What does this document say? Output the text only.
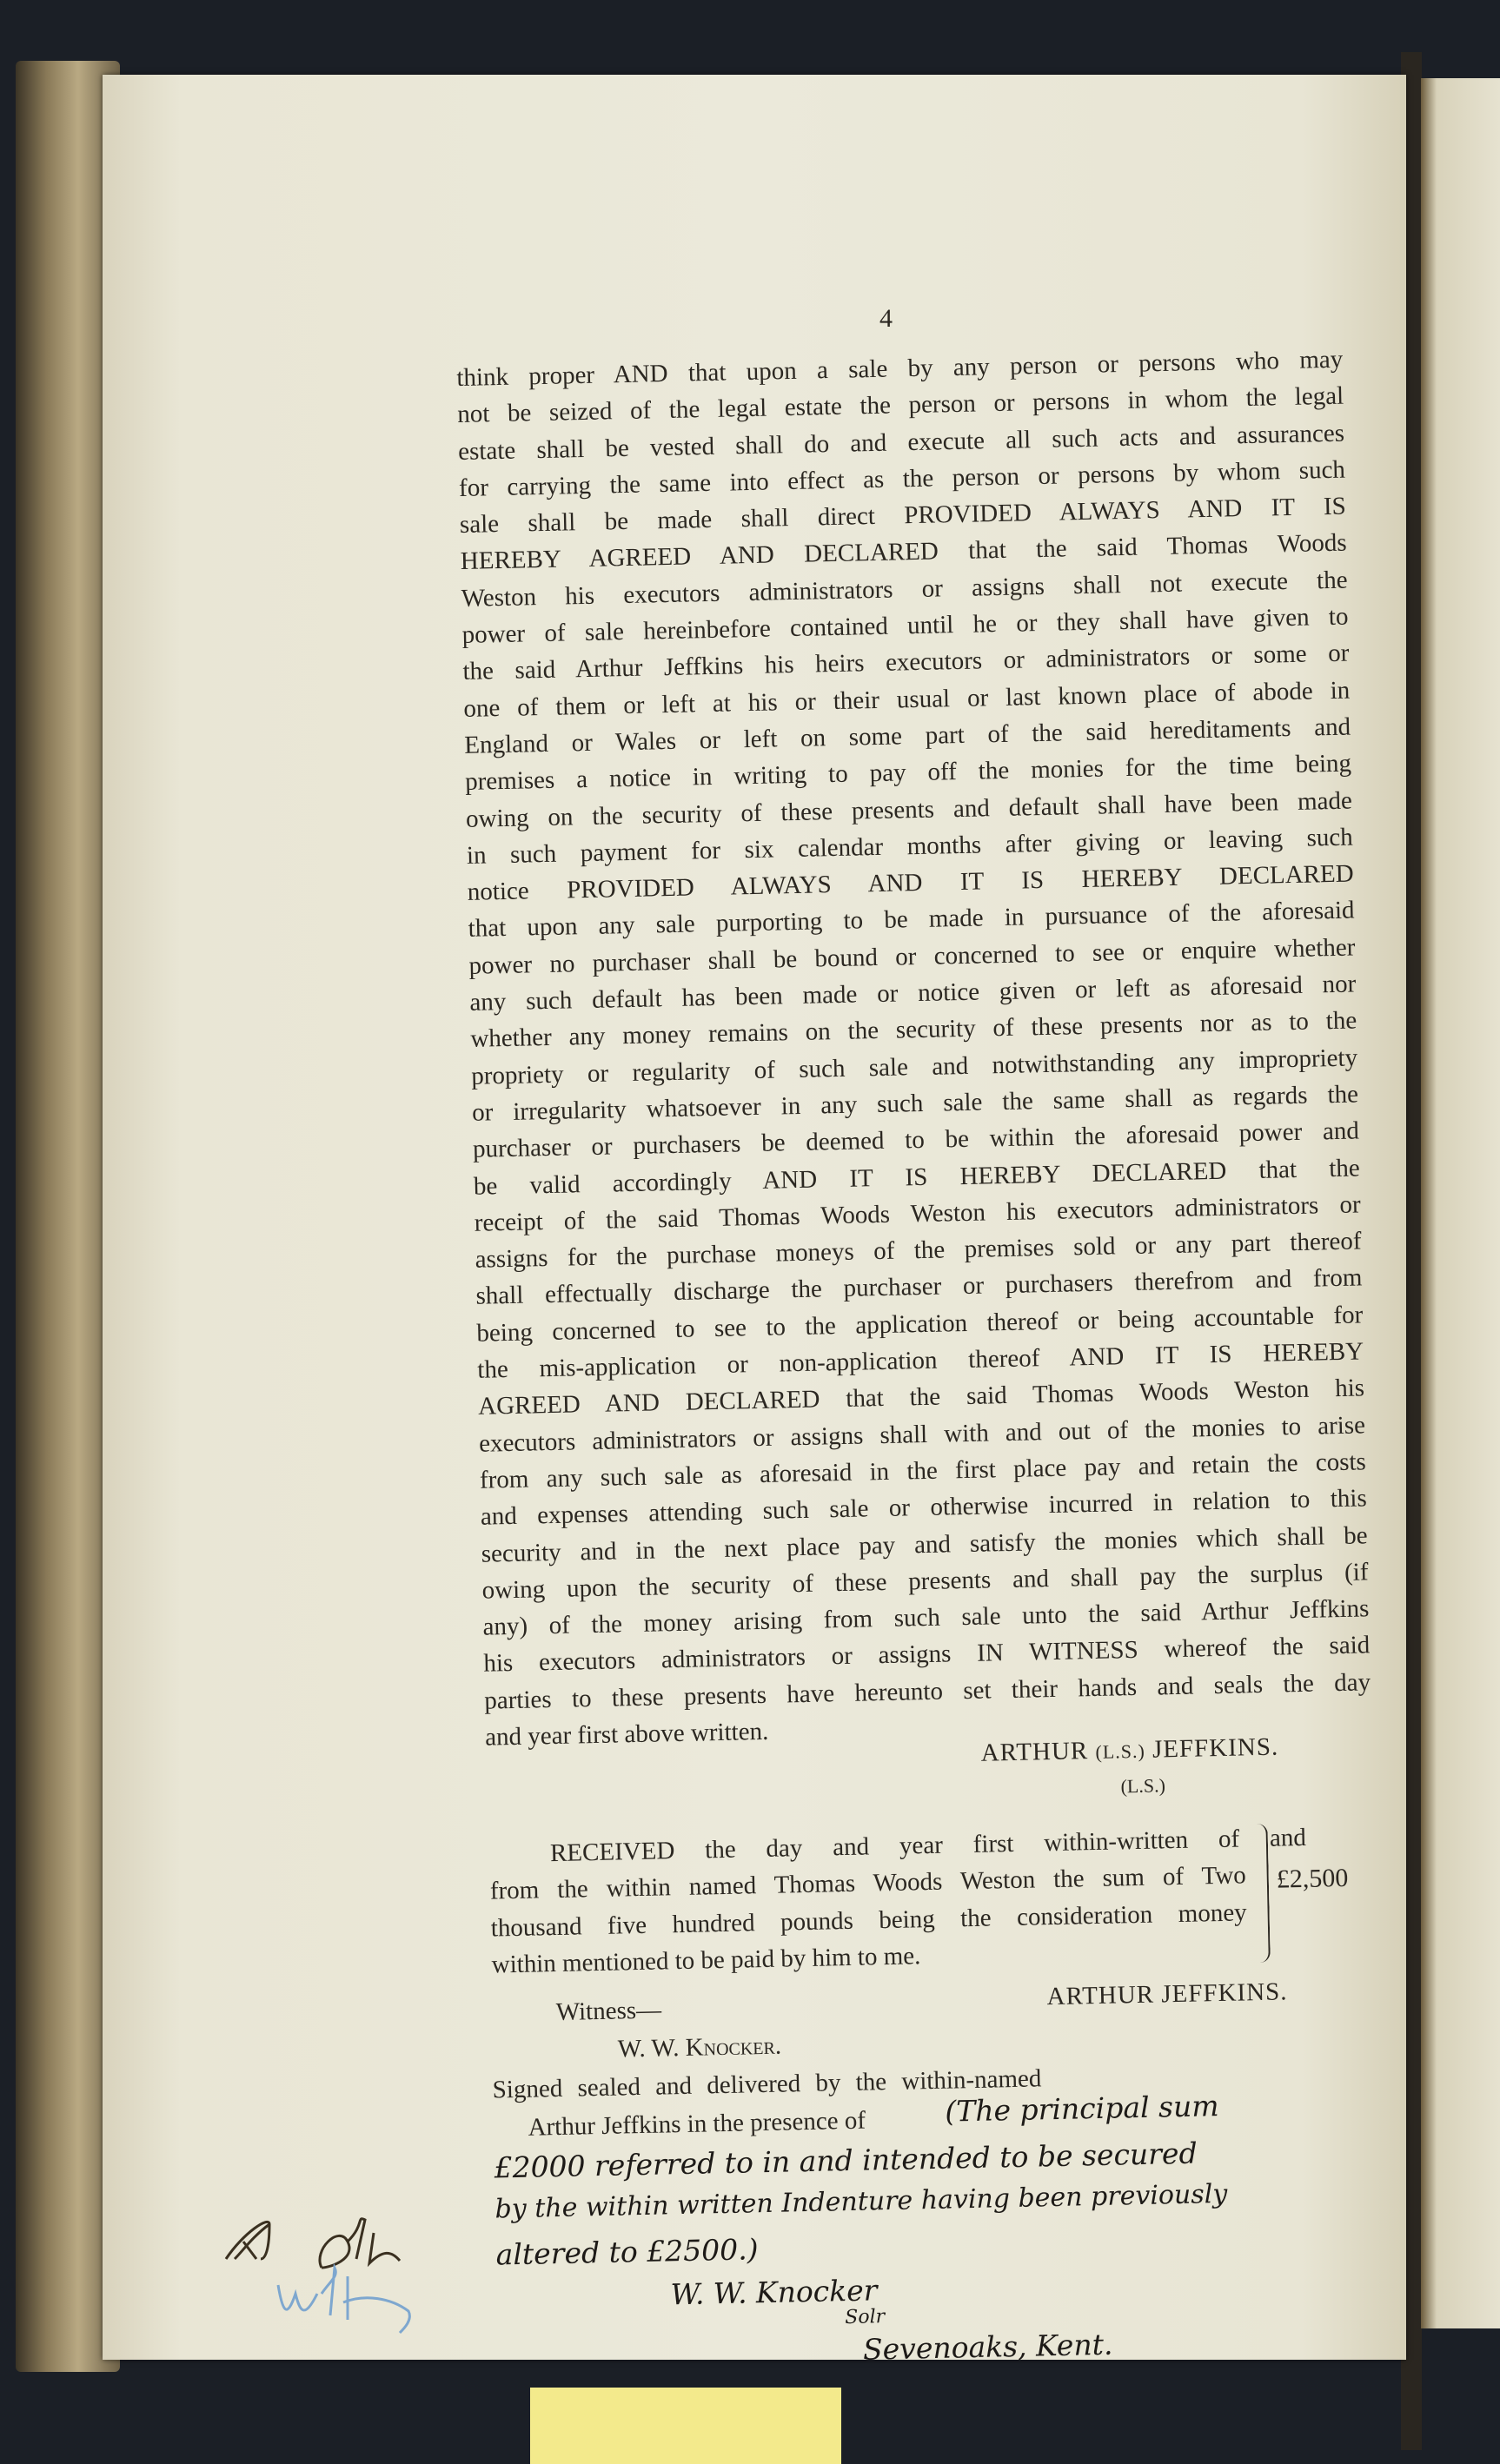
4
think proper AND that upon a sale by any person or persons who may
not be seized of the legal estate the person or persons in whom the legal
estate shall be vested shall do and execute all such acts and assurances
for carrying the same into effect as the person or persons by whom such
sale shall be made shall direct PROVIDED ALWAYS AND IT IS
HEREBY AGREED AND DECLARED that the said Thomas Woods
Weston his executors administrators or assigns shall not execute the
power of sale hereinbefore contained until he or they shall have given to
the said Arthur Jeffkins his heirs executors or administrators or some or
one of them or left at his or their usual or last known place of abode in
England or Wales or left on some part of the said hereditaments and
premises a notice in writing to pay off the monies for the time being
owing on the security of these presents and default shall have been made
in such payment for six calendar months after giving or leaving such
notice PROVIDED ALWAYS AND IT IS HEREBY DECLARED
that upon any sale purporting to be made in pursuance of the aforesaid
power no purchaser shall be bound or concerned to see or enquire whether
any such default has been made or notice given or left as aforesaid nor
whether any money remains on the security of these presents nor as to the
propriety or regularity of such sale and notwithstanding any impropriety
or irregularity whatsoever in any such sale the same shall as regards the
purchaser or purchasers be deemed to be within the aforesaid power and
be valid accordingly AND IT IS HEREBY DECLARED that the
receipt of the said Thomas Woods Weston his executors administrators or
assigns for the purchase moneys of the premises sold or any part thereof
shall effectually discharge the purchaser or purchasers therefrom and from
being concerned to see to the application thereof or being accountable for
the mis-application or non-application thereof AND IT IS HEREBY
AGREED AND DECLARED that the said Thomas Woods Weston his
executors administrators or assigns shall with and out of the monies to arise
from any such sale as aforesaid in the first place pay and retain the costs
and expenses attending such sale or otherwise incurred in relation to this
security and in the next place pay and satisfy the monies which shall be
owing upon the security of these presents and shall pay the surplus (if
any) of the money arising from such sale unto the said Arthur Jeffkins
his executors administrators or assigns IN WITNESS whereof the said
parties to these presents have hereunto set their hands and seals the day
and year first above written.
ARTHUR (L.S.) JEFFKINS.
(L.S.)
RECEIVED the day and year first within-written of and
from the within named Thomas Woods Weston the sum of Two
thousand five hundred pounds being the consideration money
within mentioned to be paid by him to me.
£2,500
Witness—
ARTHUR JEFFKINS.
W. W. Knocker.
Signed sealed and delivered by the within-named
Arthur Jeffkins in the presence of	(The principal sum
£2000 referred to in and intended to be secured
by the within written Indenture having been previously
altered to £2500.)
W. W. Knocker
Solr
Sevenoaks, Kent.
